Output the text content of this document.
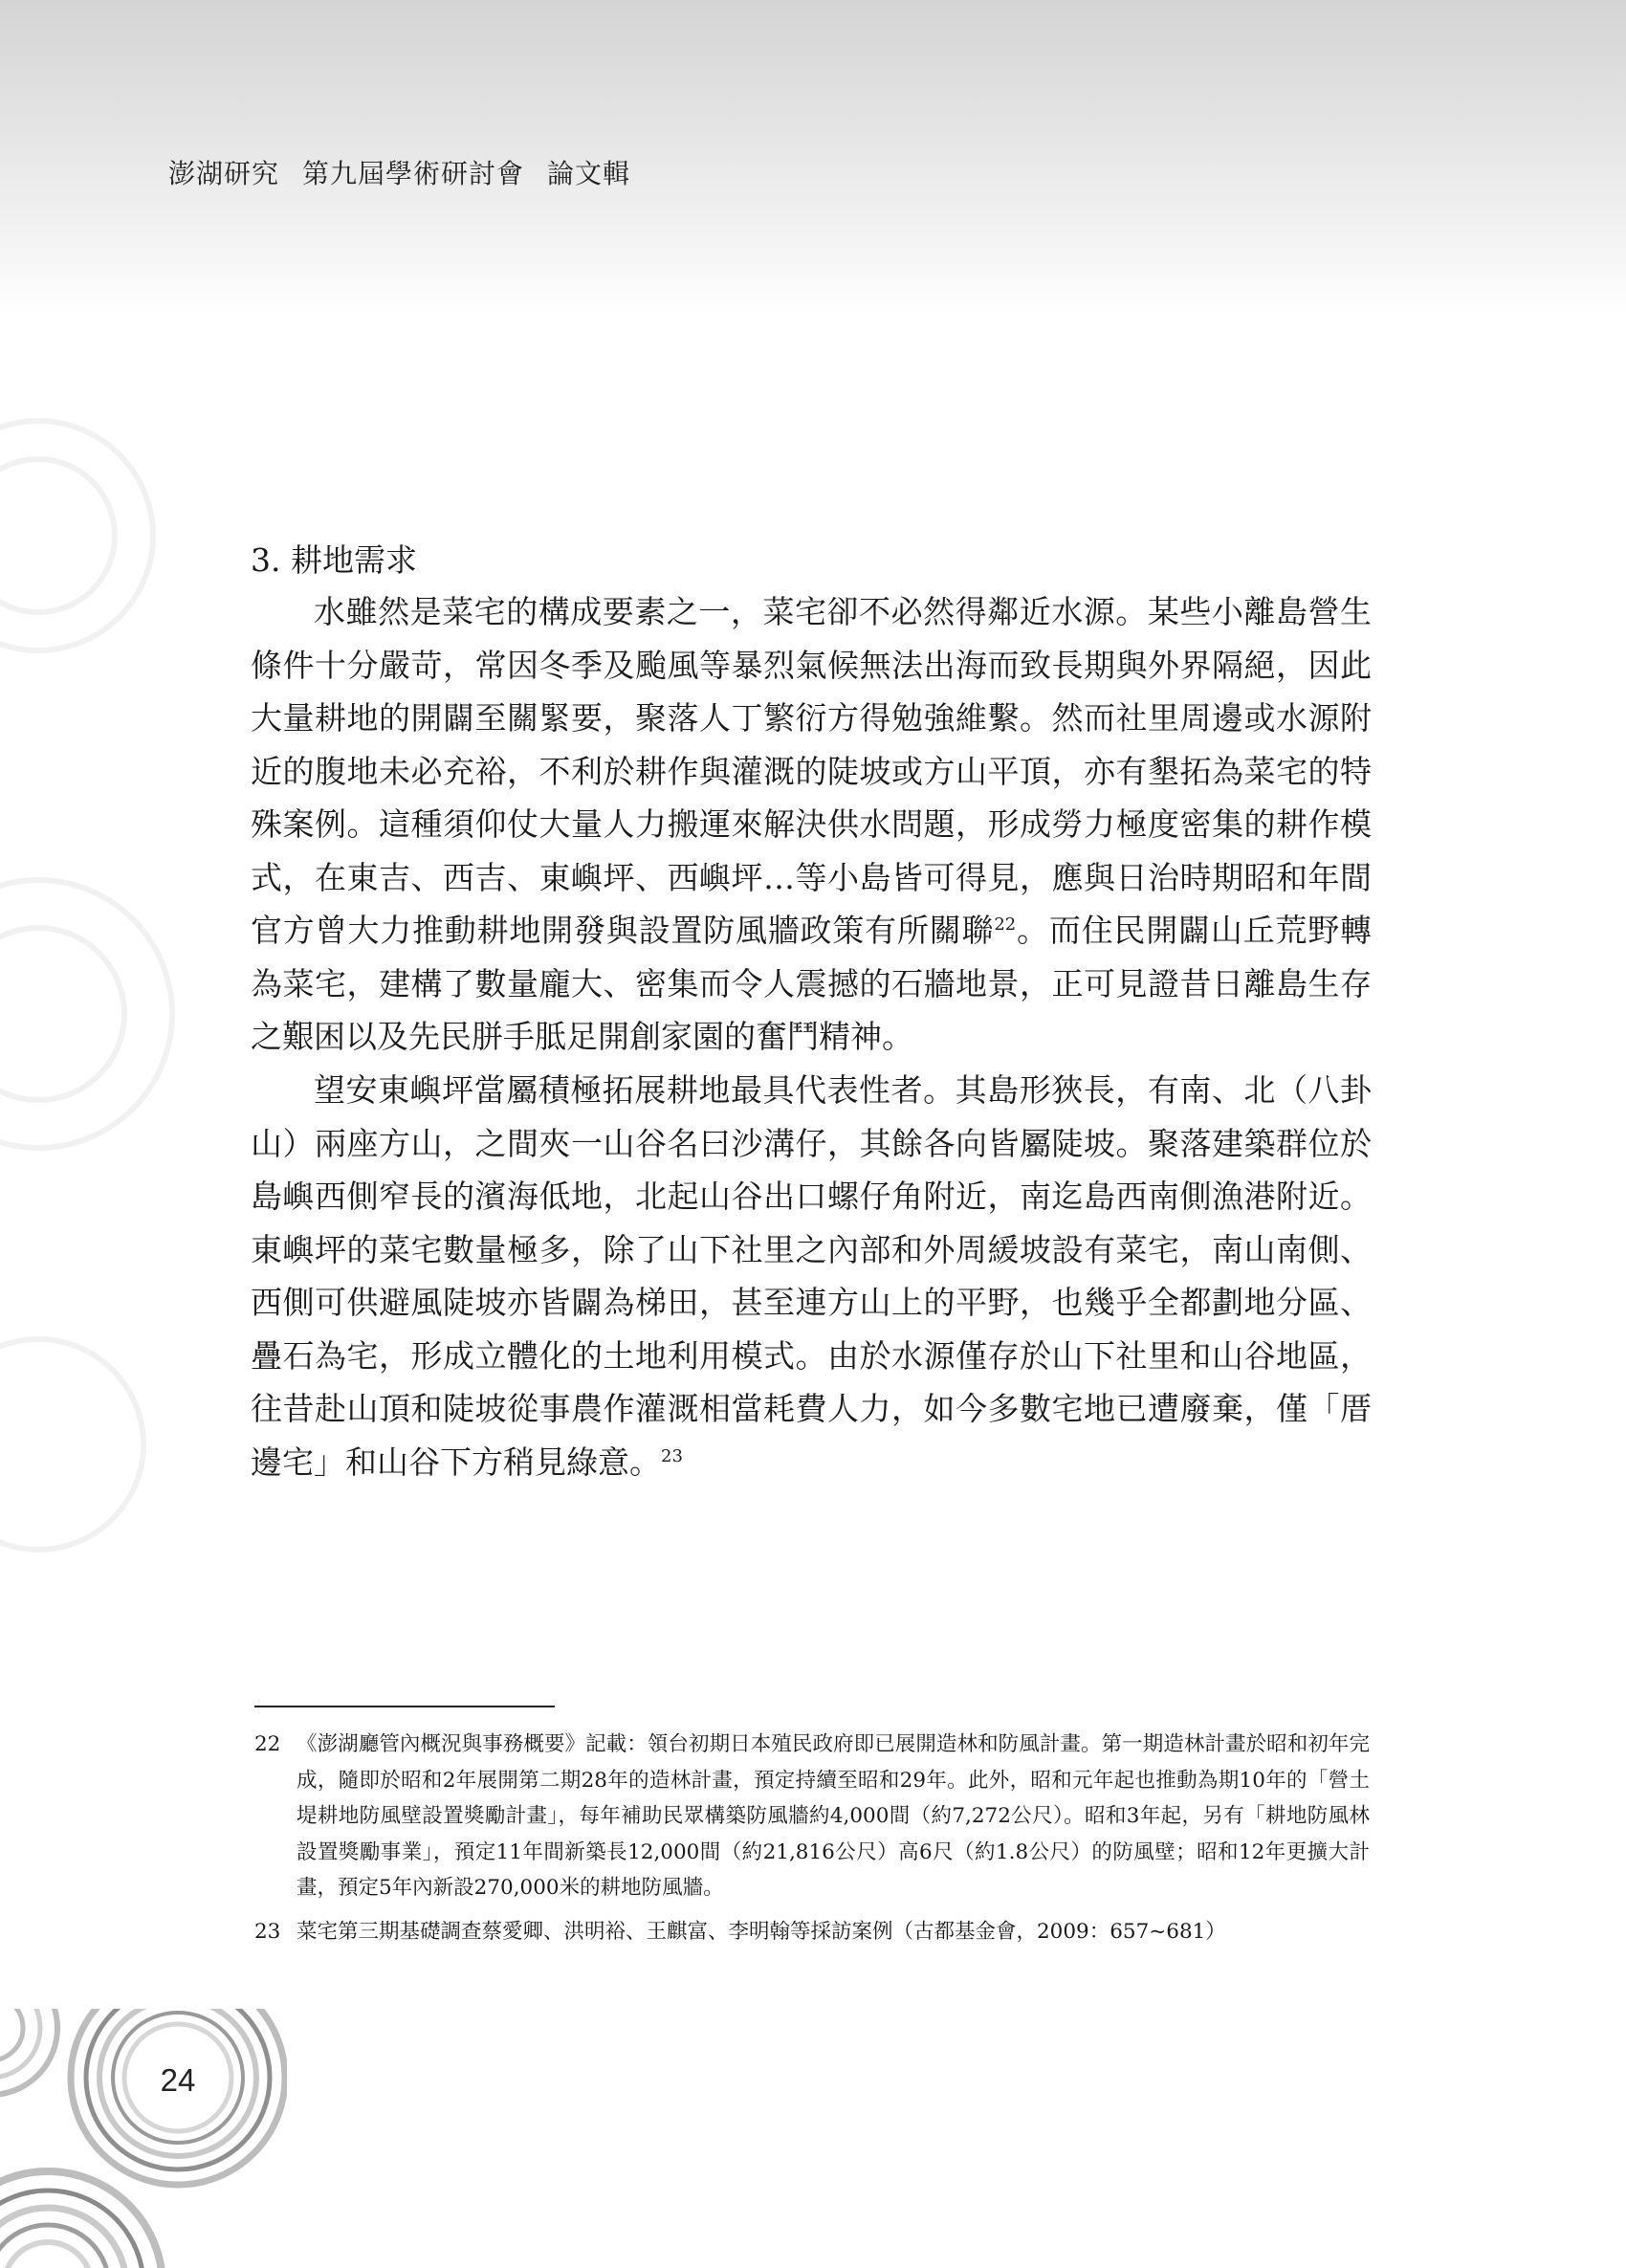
澎湖研究 第九屆學術研討會 論文輯
3. 耕地需求

水雖然是菜宅的構成要素之一，菜宅卻不必然得鄰近水源。某些小離島營生條件十分嚴苛，常因冬季及颱風等暴烈氣候無法出海而致長期與外界隔絕，因此大量耕地的開闢至關緊要，聚落人丁繁衍方得勉強維繫。然而社里周邊或水源附近的腹地未必充裕，不利於耕作與灌溉的陡坡或方山平頂，亦有墾拓為菜宅的特殊案例。這種須仰仗大量人力搬運來解決供水問題，形成勞力極度密集的耕作模式，在東吉、西吉、東嶼坪、西嶼坪…等小島皆可得見，應與日治時期昭和年間官方曾大力推動耕地開發與設置防風牆政策有所關聯$^{22}$。而住民開闢山丘荒野轉為菜宅，建構了數量龐大、密集而令人震撼的石牆地景，正可見證昔日離島生存之艱困以及先民胼手胝足開創家園的奮鬥精神。

望安東嶼坪當屬積極拓展耕地最具代表性者。其島形狹長，有南、北（八卦山）兩座方山，之間夾一山谷名曰沙溝仔，其餘各向皆屬陡坡。聚落建築群位於島嶼西側窄長的濱海低地，北起山谷出口螺仔角附近，南迄島西南側漁港附近。東嶼坪的菜宅數量極多，除了山下社里之內部和外周緩坡設有菜宅，南山南側、西側可供避風陡坡亦皆闢為梯田，甚至連方山上的平野，也幾乎全都劃地分區、疊石為宅，形成立體化的土地利用模式。由於水源僅存於山下社里和山谷地區，往昔赴山頂和陡坡從事農作灌溉相當耗費人力，如今多數宅地已遭廢棄，僅「厝邊宅」和山谷下方稍見綠意。$^{23}$

22 《澎湖廳管內概況與事務概要》記載：領台初期日本殖民政府即已展開造林和防風計畫。第一期造林計畫於昭和初年完成，隨即於昭和2年展開第二期28年的造林計畫，預定持續至昭和29年。此外，昭和元年起也推動為期10年的「營土堤耕地防風壁設置獎勵計畫」，每年補助民眾構築防風牆約4,000間（約7,272公尺）。昭和3年起，另有「耕地防風林設置獎勵事業」，預定11年間新築長12,000間（約21,816公尺）高6尺（約1.8公尺）的防風壁；昭和12年更擴大計畫，預定5年內新設270,000米的耕地防風牆。
23 菜宅第三期基礎調查蔡愛卿、洪明裕、王麒富、李明翰等採訪案例（古都基金會，2009：657~681）
24
